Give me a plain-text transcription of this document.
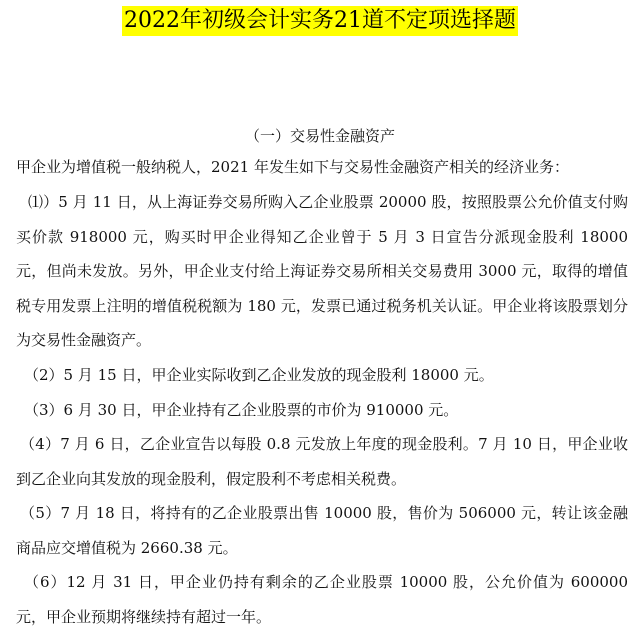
2022年初级会计实务21道不定项选择题
（一）交易性金融资产

甲企业为增值税一般纳税人，2021 年发生如下与交易性金融资产相关的经济业务：

⑴）5 月 11 日，从上海证券交易所购入乙企业股票 20000 股，按照股票公允价值支付购买价款 918000 元，购买时甲企业得知乙企业曾于 5 月 3 日宣告分派现金股利 18000 元，但尚未发放。另外，甲企业支付给上海证券交易所相关交易费用 3000 元，取得的增值税专用发票上注明的增值税税额为 180 元，发票已通过税务机关认证。甲企业将该股票划分为交易性金融资产。

（2）5 月 15 日，甲企业实际收到乙企业发放的现金股利 18000 元。

（3）6 月 30 日，甲企业持有乙企业股票的市价为 910000 元。

（4）7 月 6 日，乙企业宣告以每股 0.8 元发放上年度的现金股利。7 月 10 日，甲企业收到乙企业向其发放的现金股利，假定股利不考虑相关税费。

（5）7 月 18 日，将持有的乙企业股票出售 10000 股，售价为 506000 元，转让该金融商品应交增值税为 2660.38 元。

（6）12 月 31 日，甲企业仍持有剩余的乙企业股票 10000 股，公允价值为 600000 元，甲企业预期将继续持有超过一年。
